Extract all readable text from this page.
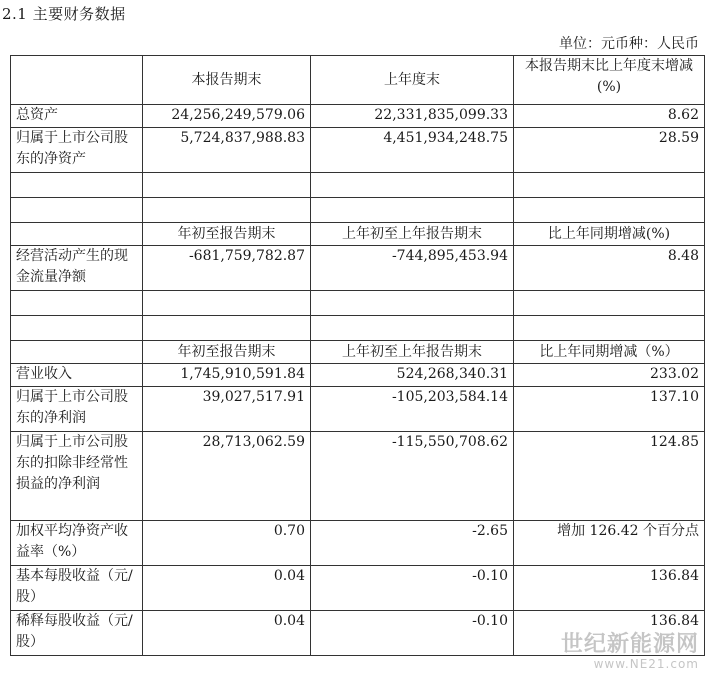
2.1 主要财务数据
单位：元币种：人民币
	本报告期末	上年度末	本报告期末比上年度末增减(%)
总资产	24,256,249,579.06	22,331,835,099.33	8.62
归属于上市公司股东的净资产	5,724,837,988.83	4,451,934,248.75	28.59

	年初至报告期末	上年初至上年报告期末	比上年同期增减(%)
经营活动产生的现金流量净额	-681,759,782.87	-744,895,453.94	8.48

	年初至报告期末	上年初至上年报告期末	比上年同期增减（%）
营业收入	1,745,910,591.84	524,268,340.31	233.02
归属于上市公司股东的净利润	39,027,517.91	-105,203,584.14	137.10
归属于上市公司股东的扣除非经常性损益的净利润	28,713,062.59	-115,550,708.62	124.85
加权平均净资产收益率（%）	0.70	-2.65	增加 126.42 个百分点
基本每股收益（元/股）	0.04	-0.10	136.84
稀释每股收益（元/股）	0.04	-0.10	136.84
世纪新能源网
www.NE21.com
